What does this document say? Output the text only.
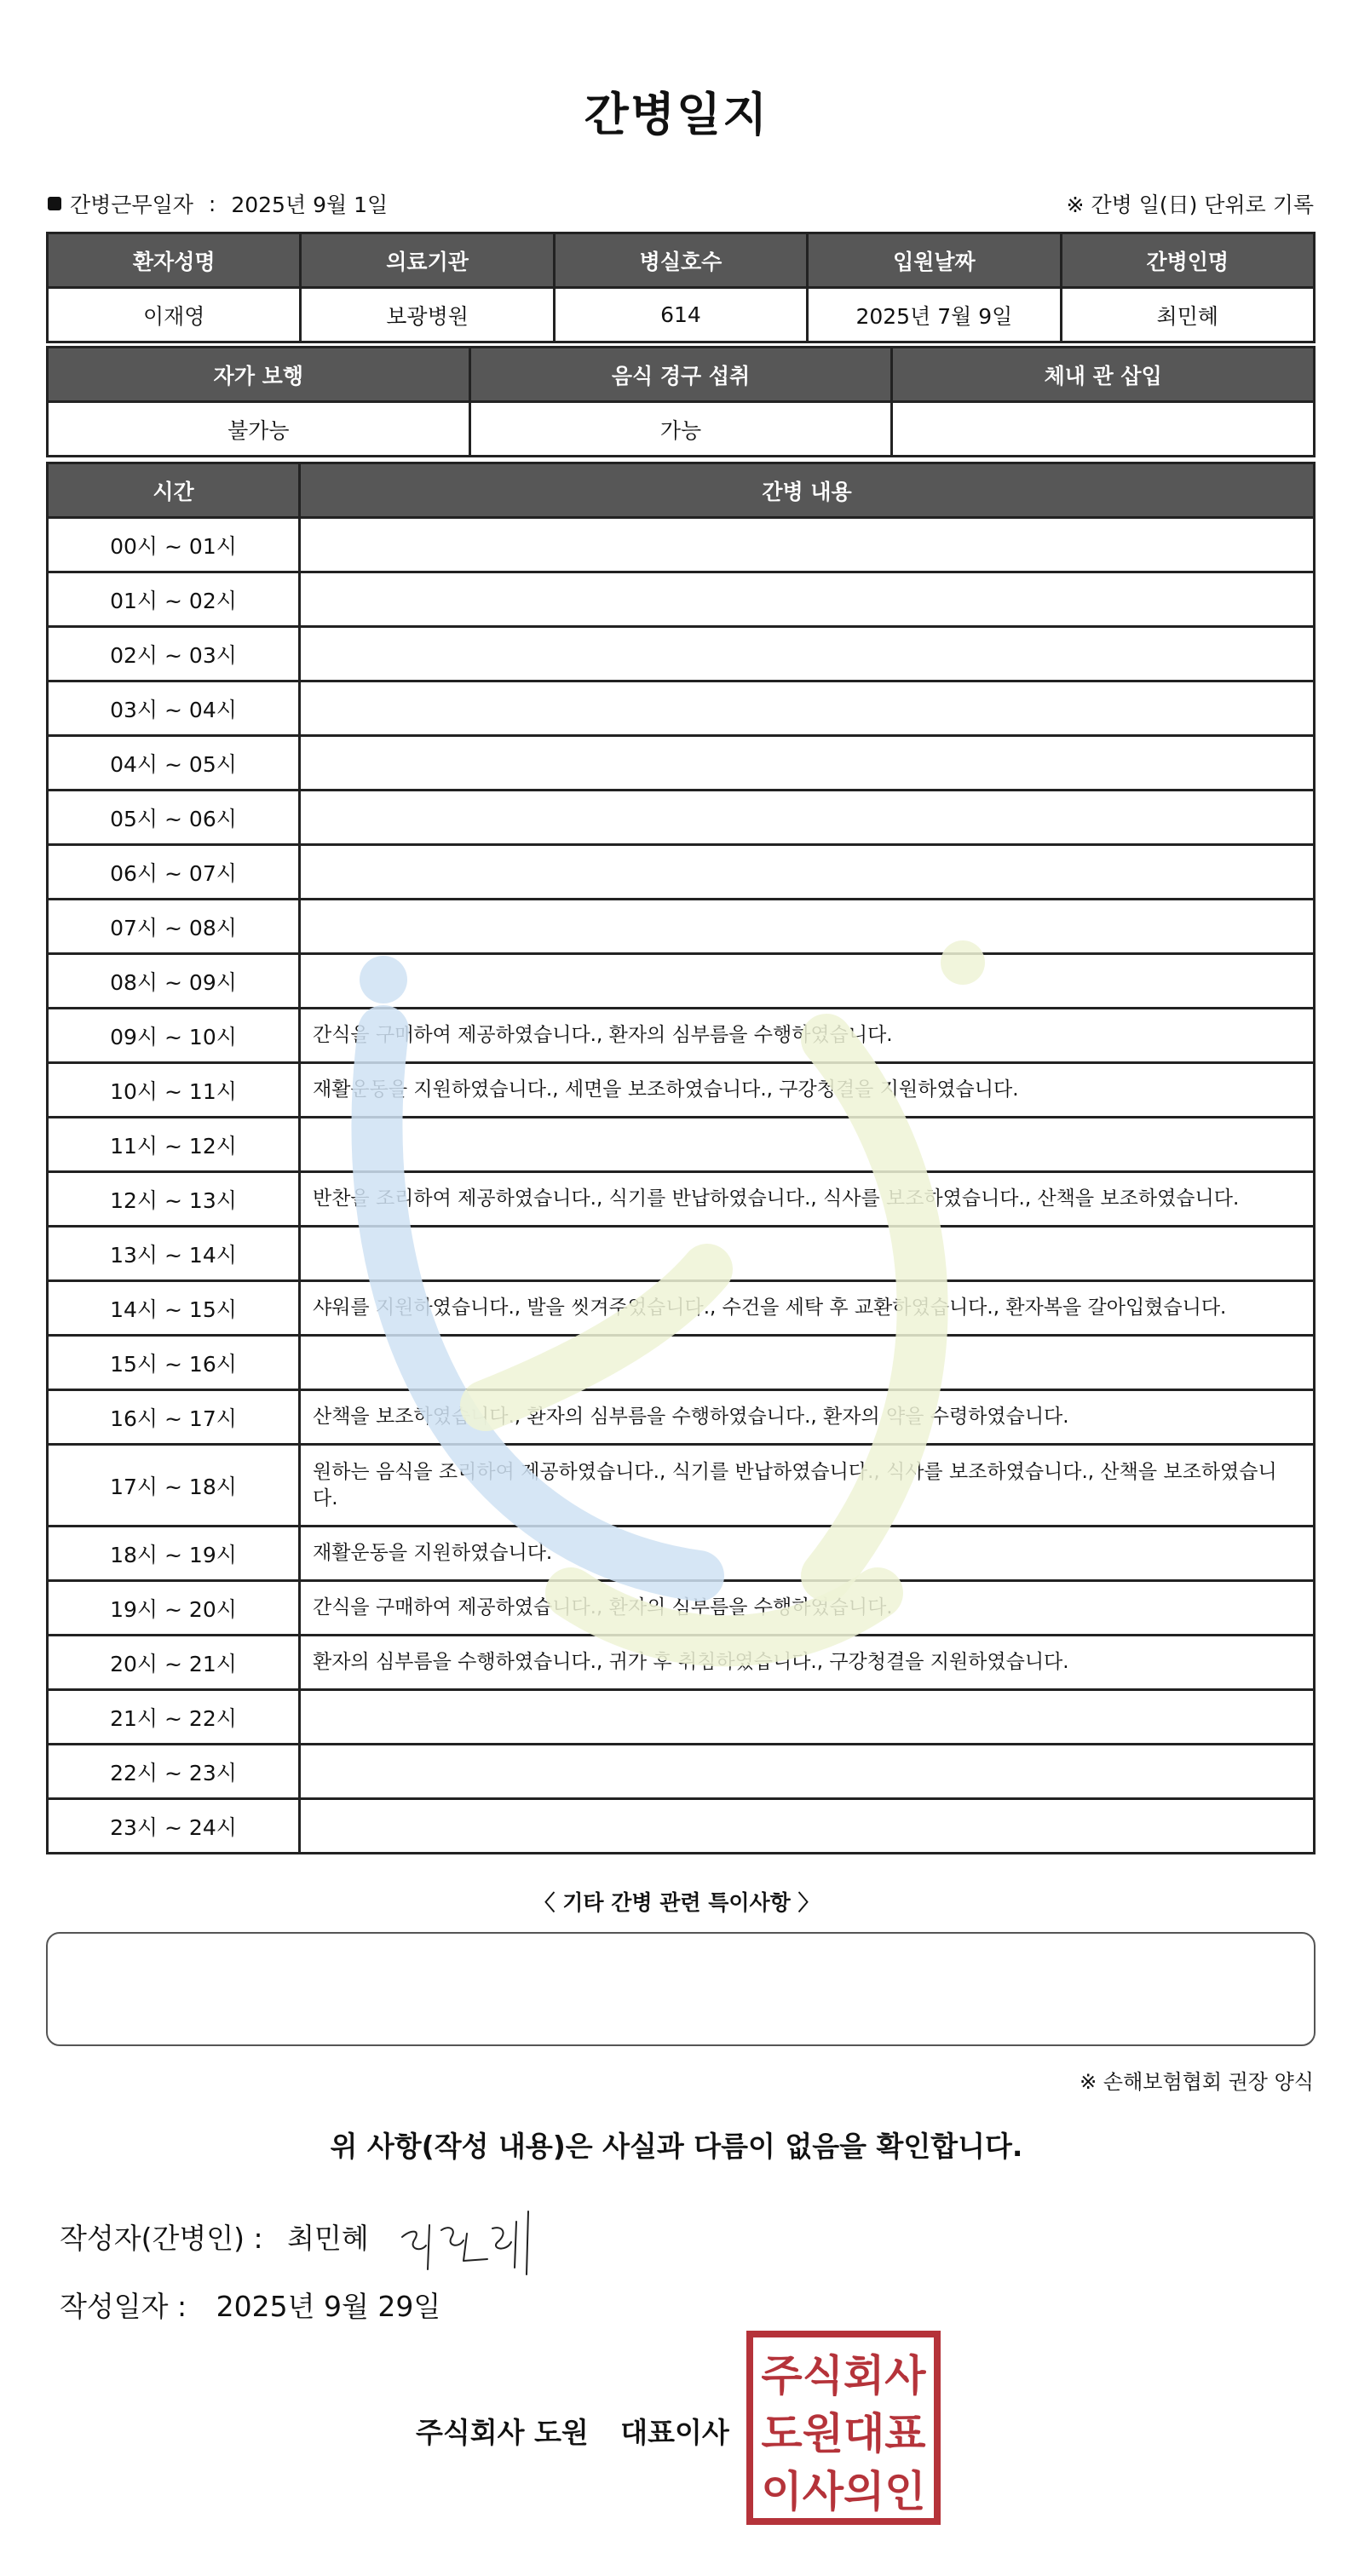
간병일지
간병근무일자 : 2025년 9월 1일	※ 간병 일(日) 단위로 기록
환자성명	의료기관	병실호수	입원날짜	간병인명
이재영	보광병원	614	2025년 7월 9일	최민혜
자가 보행	음식 경구 섭취	체내 관 삽입
불가능	가능	
시간	간병 내용
00시 ~ 01시	
01시 ~ 02시	
02시 ~ 03시	
03시 ~ 04시	
04시 ~ 05시	
05시 ~ 06시	
06시 ~ 07시	
07시 ~ 08시	
08시 ~ 09시	
09시 ~ 10시	간식을 구매하여 제공하였습니다., 환자의 심부름을 수행하였습니다.
10시 ~ 11시	재활운동을 지원하였습니다., 세면을 보조하였습니다., 구강청결을 지원하였습니다.
11시 ~ 12시	
12시 ~ 13시	반찬을 조리하여 제공하였습니다., 식기를 반납하였습니다., 식사를 보조하였습니다., 산책을 보조하였습니다.
13시 ~ 14시	
14시 ~ 15시	샤워를 지원하였습니다., 발을 씻겨주었습니다., 수건을 세탁 후 교환하였습니다., 환자복을 갈아입혔습니다.
15시 ~ 16시	
16시 ~ 17시	산책을 보조하였습니다., 환자의 심부름을 수행하였습니다., 환자의 약을 수령하였습니다.
17시 ~ 18시	원하는 음식을 조리하여 제공하였습니다., 식기를 반납하였습니다., 식사를 보조하였습니다., 산책을 보조하였습니다.
18시 ~ 19시	재활운동을 지원하였습니다.
19시 ~ 20시	간식을 구매하여 제공하였습니다., 환자의 심부름을 수행하였습니다.
20시 ~ 21시	환자의 심부름을 수행하였습니다., 귀가 후 취침하였습니다., 구강청결을 지원하였습니다.
21시 ~ 22시	
22시 ~ 23시	
23시 ~ 24시	
〈 기타 간병 관련 특이사항 〉
※ 손해보험협회 권장 양식
위 사항(작성 내용)은 사실과 다름이 없음을 확인합니다.
작성자(간병인) : 최민혜
작성일자 : 2025년 9월 29일
주식회사 도원 대표이사
주식회사
도원대표
이사의인
